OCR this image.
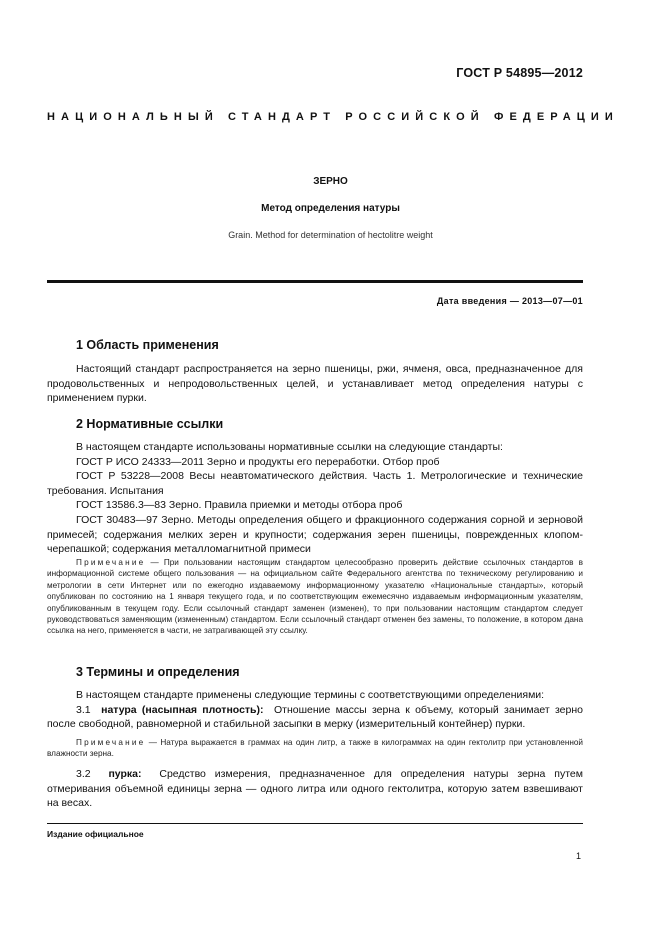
ГОСТ Р 54895—2012
НАЦИОНАЛЬНЫЙ СТАНДАРТ РОССИЙСКОЙ ФЕДЕРАЦИИ
ЗЕРНО
Метод определения натуры
Grain. Method for determination of hectolitre weight
Дата введения — 2013—07—01
1 Область применения
Настоящий стандарт распространяется на зерно пшеницы, ржи, ячменя, овса, предназначенное для продовольственных и непродовольственных целей, и устанавливает метод определения натуры с применением пурки.
2 Нормативные ссылки
В настоящем стандарте использованы нормативные ссылки на следующие стандарты:
ГОСТ Р ИСО 24333—2011 Зерно и продукты его переработки. Отбор проб
ГОСТ Р 53228—2008 Весы неавтоматического действия. Часть 1. Метрологические и технические требования. Испытания
ГОСТ 13586.3—83 Зерно. Правила приемки и методы отбора проб
ГОСТ 30483—97 Зерно. Методы определения общего и фракционного содержания сорной и зерновой примесей; содержания мелких зерен и крупности; содержания зерен пшеницы, поврежденных клопом-черепашкой; содержания металломагнитной примеси
Примечание — При пользовании настоящим стандартом целесообразно проверить действие ссылочных стандартов в информационной системе общего пользования — на официальном сайте Федерального агентства по техническому регулированию и метрологии в сети Интернет или по ежегодно издаваемому информационному указателю «Национальные стандарты», который опубликован по состоянию на 1 января текущего года, и по соответствующим ежемесячно издаваемым информационным указателям, опубликованным в текущем году. Если ссылочный стандарт заменен (изменен), то при пользовании настоящим стандартом следует руководствоваться заменяющим (измененным) стандартом. Если ссылочный стандарт отменен без замены, то положение, в котором дана ссылка на него, применяется в части, не затрагивающей эту ссылку.
3 Термины и определения
В настоящем стандарте применены следующие термины с соответствующими определениями:
3.1 натура (насыпная плотность): Отношение массы зерна к объему, который занимает зерно после свободной, равномерной и стабильной засыпки в мерку (измерительный контейнер) пурки.
Примечание — Натура выражается в граммах на один литр, а также в килограммах на один гектолитр при установленной влажности зерна.
3.2 пурка: Средство измерения, предназначенное для определения натуры зерна путем отмеривания объемной единицы зерна — одного литра или одного гектолитра, которую затем взвешивают на весах.
Издание официальное
1
